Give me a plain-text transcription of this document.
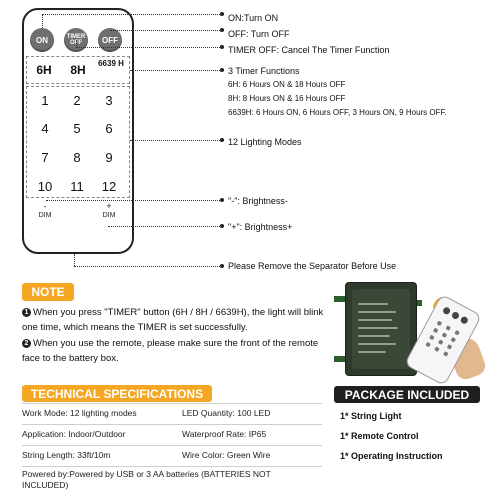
ON	TIMER OFF	OFF
6H	8H	6639 H
1	2	3
4	5	6
7	8	9
10	11	12
-
DIM
+
DIM
ON:Turn ON
OFF: Turn OFF
TIMER OFF: Cancel The Timer Function
3 Timer Functions
6H: 6 Hours ON & 18 Hours OFF
8H: 8 Hours ON & 16 Hours OFF
6639H: 6 Hours ON, 6 Hours OFF, 3 Hours ON, 9 Hours OFF.
12 Lighting Modes
"-": Brightness-
"+": Brightness+
Please Remove the Separator Before Use
NOTE
1 When you press "TIMER" button (6H / 8H / 6639H), the light will blink one time, which means the TIMER is set successfully.
2 When you use the remote, please make sure the front of the remote face to the battery box.
TECHNICAL SPECIFICATIONS
Work Mode: 12 lighting modes	LED Quantity: 100 LED
Application: Indoor/Outdoor	Waterproof Rate: IP65
String Length: 33ft/10m	Wire Color: Green Wire
Powered by:Powered by USB or 3 AA batteries (BATTERIES NOT INCLUDED)
PACKAGE INCLUDED
1* String Light
1* Remote Control
1* Operating Instruction
